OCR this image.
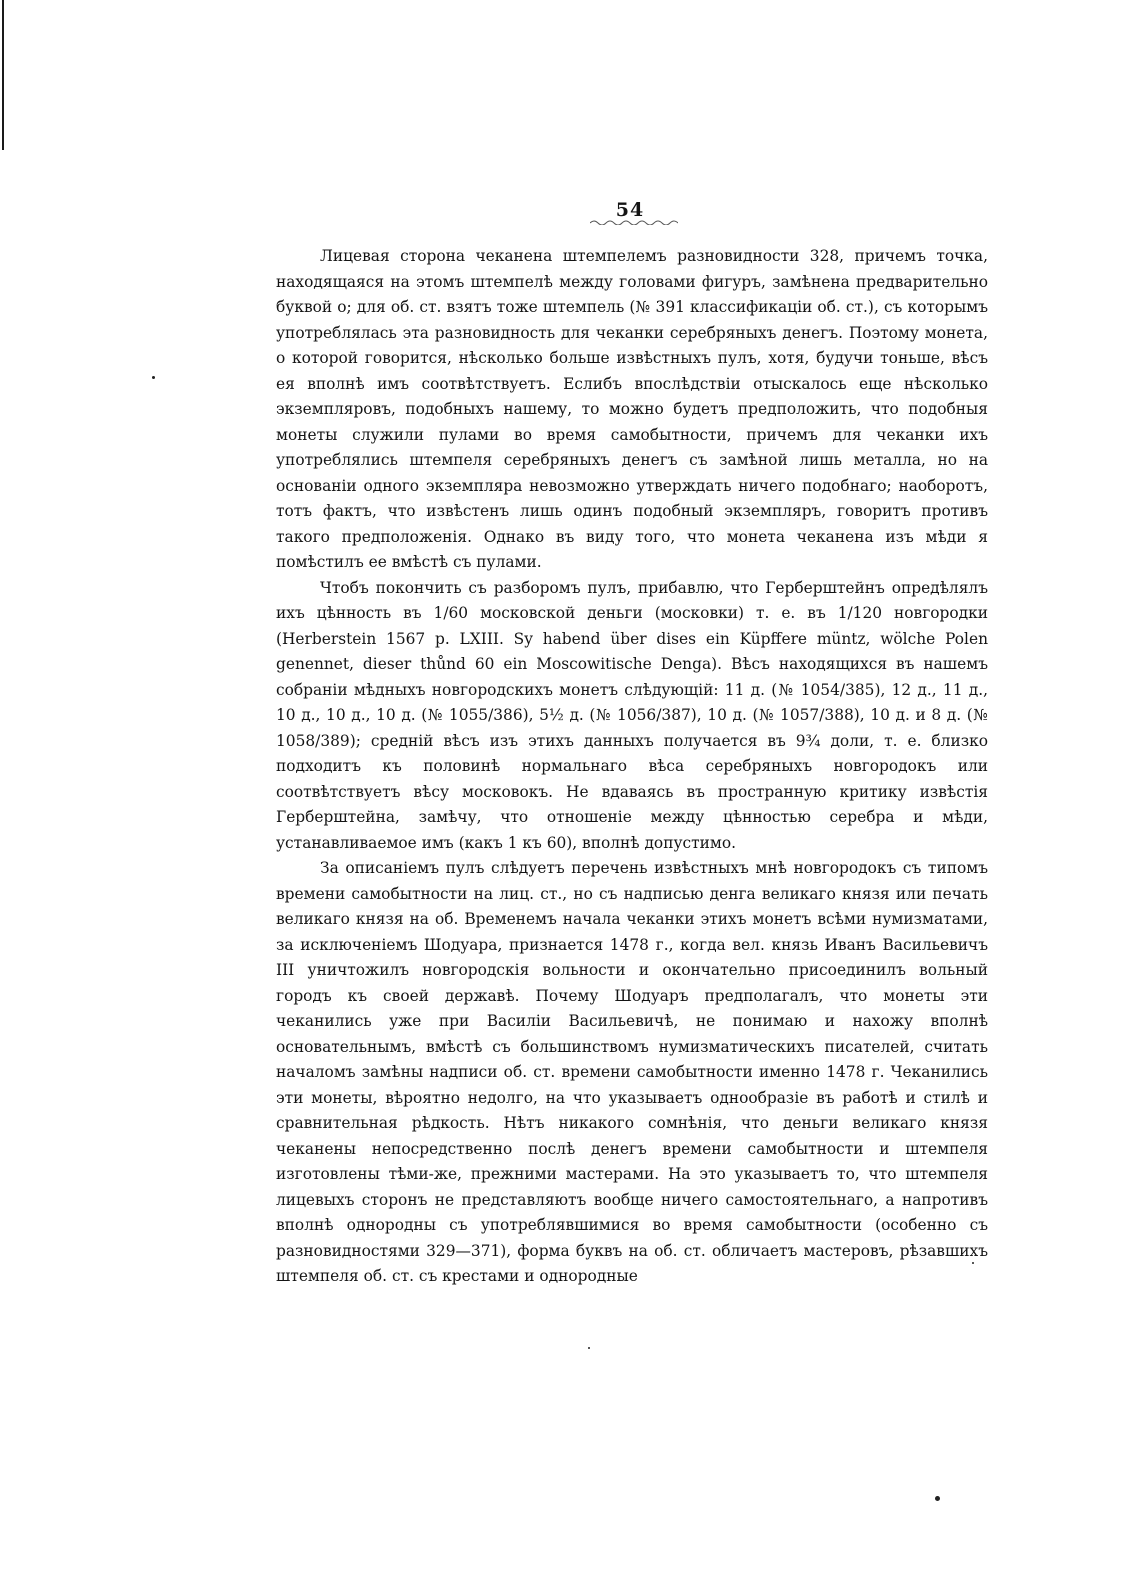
54

Лицевая сторона чеканена штемпелемъ разновидности 328, причемъ точка, находящаяся на этомъ штемпелѣ между головами фигуръ, замѣнена предварительно буквой о; для об. ст. взятъ тоже штемпель (№ 391 классификаціи об. ст.), съ которымъ употреблялась эта разновидность для чеканки серебряныхъ денегъ. Поэтому монета, о которой говорится, нѣсколько больше извѣстныхъ пулъ, хотя, будучи тоньше, вѣсъ ея вполнѣ имъ соотвѣтствуетъ. Еслибъ впослѣдствіи отыскалось еще нѣсколько экземпляровъ, подобныхъ нашему, то можно будетъ предположить, что подобныя монеты служили пулами во время самобытности, причемъ для чеканки ихъ употреблялись штемпеля серебряныхъ денегъ съ замѣной лишь металла, но на основаніи одного экземпляра невозможно утверждать ничего подобнаго; наоборотъ, тотъ фактъ, что извѣстенъ лишь одинъ подобный экземпляръ, говоритъ противъ такого предположенія. Однако въ виду того, что монета чеканена изъ мѣди я помѣстилъ ее вмѣстѣ съ пулами.

Чтобъ покончить съ разборомъ пулъ, прибавлю, что Герберштейнъ опредѣлялъ ихъ цѣнность въ 1/60 московской деньги (московки) т. е. въ 1/120 новгородки (Herberstein 1567 p. LXIII. Sy habend über dises ein Küpffere müntz, wölche Polen genennet, dieser thůnd 60 ein Moscowitische Denga). Вѣсъ находящихся въ нашемъ собраніи мѣдныхъ новгородскихъ монетъ слѣдующій: 11 д. (№ 1054/385), 12 д., 11 д., 10 д., 10 д., 10 д. (№ 1055/386), 5½ д. (№ 1056/387), 10 д. (№ 1057/388), 10 д. и 8 д. (№ 1058/389); средній вѣсъ изъ этихъ данныхъ получается въ 9¾ доли, т. е. близко подходитъ къ половинѣ нормальнаго вѣса серебряныхъ новгородокъ или соотвѣтствуетъ вѣсу московокъ. Не вдаваясь въ пространную критику извѣстія Герберштейна, замѣчу, что отношеніе между цѣнностью серебра и мѣди, устанавливаемое имъ (какъ 1 къ 60), вполнѣ допустимо.

За описаніемъ пулъ слѣдуетъ перечень извѣстныхъ мнѣ новгородокъ съ типомъ времени самобытности на лиц. ст., но съ надписью денга великаго князя или печать великаго князя на об. Временемъ начала чеканки этихъ монетъ всѣми нумизматами, за исключеніемъ Шодуара, признается 1478 г., когда вел. князь Иванъ Васильевичъ III уничтожилъ новгородскія вольности и окончательно присоединилъ вольный городъ къ своей державѣ. Почему Шодуаръ предполагалъ, что монеты эти чеканились уже при Василіи Васильевичѣ, не понимаю и нахожу вполнѣ основательнымъ, вмѣстѣ съ большинствомъ нумизматическихъ писателей, считать началомъ замѣны надписи об. ст. времени самобытности именно 1478 г. Чеканились эти монеты, вѣроятно недолго, на что указываетъ однообразіе въ работѣ и стилѣ и сравнительная рѣдкость. Нѣтъ никакого сомнѣнія, что деньги великаго князя чеканены непосредственно послѣ денегъ времени самобытности и штемпеля изготовлены тѣми-же, прежними мастерами. На это указываетъ то, что штемпеля лицевыхъ сторонъ не представляютъ вообще ничего самостоятельнаго, а напротивъ вполнѣ однородны съ употреблявшимися во время самобытности (особенно съ разновидностями 329—371), форма буквъ на об. ст. обличаетъ мастеровъ, рѣзавшихъ штемпеля об. ст. съ крестами и однородные
